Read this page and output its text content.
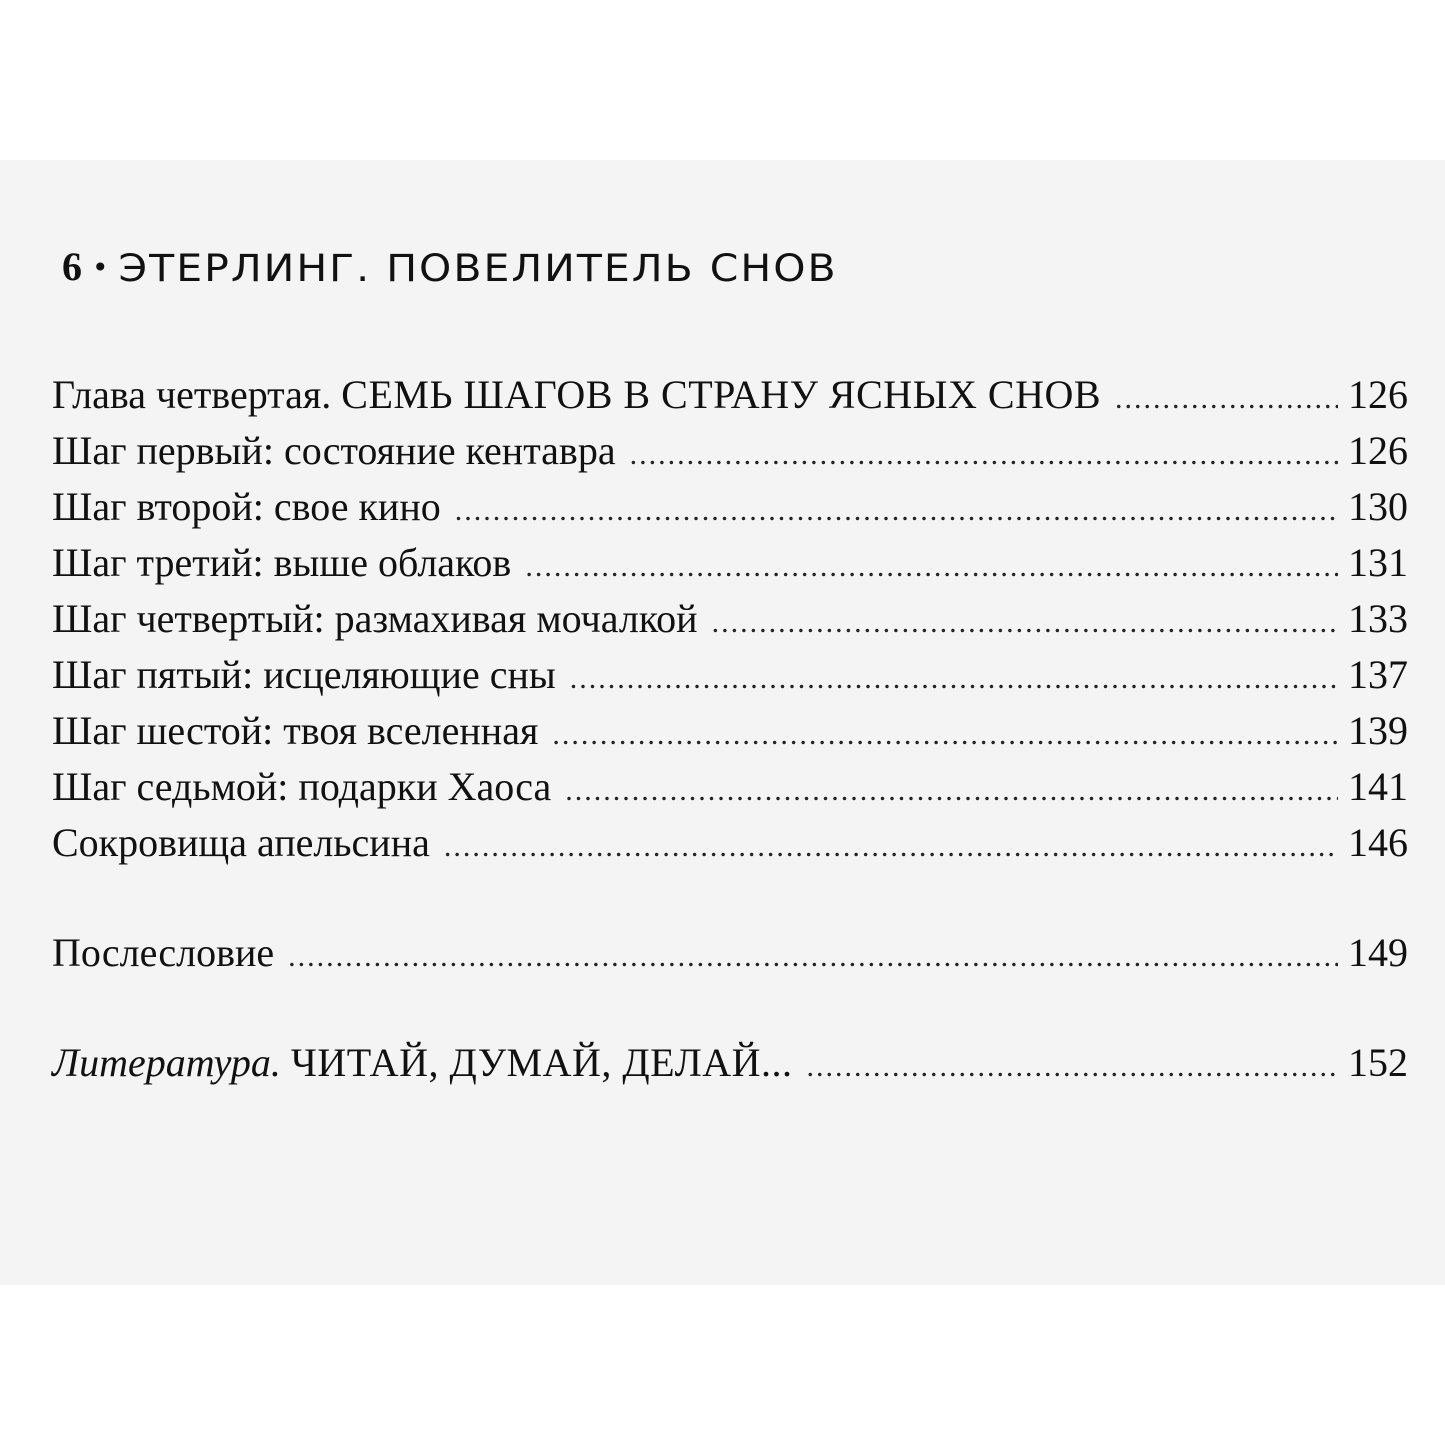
6 • ЭТЕРЛИНГ. ПОВЕЛИТЕЛЬ СНОВ
Глава четвертая. СЕМЬ ШАГОВ В СТРАНУ ЯСНЫХ СНОВ .....	126
Шаг первый: состояние кентавра .....	126
Шаг второй: свое кино .....	130
Шаг третий: выше облаков .....	131
Шаг четвертый: размахивая мочалкой .....	133
Шаг пятый: исцеляющие сны .....	137
Шаг шестой: твоя вселенная .....	139
Шаг седьмой: подарки Хаоса .....	141
Сокровища апельсина .....	146
Послесловие .....	149
Литература. ЧИТАЙ, ДУМАЙ, ДЕЛАЙ... .....	152
